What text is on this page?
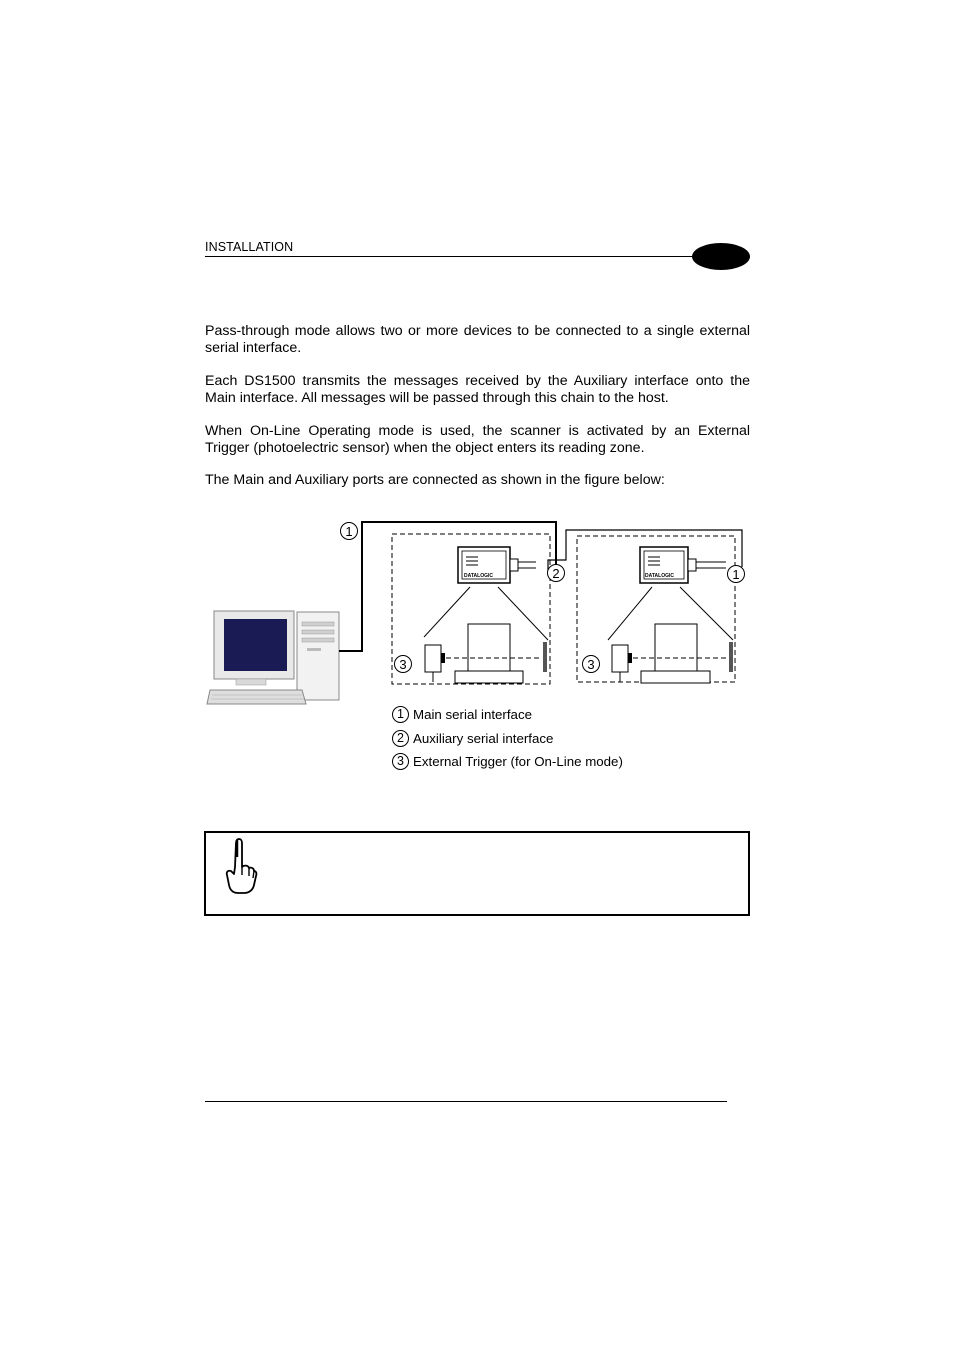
INSTALLATION

Pass-through mode allows two or more devices to be connected to a single external serial interface.

Each DS1500 transmits the messages received by the Auxiliary interface onto the Main interface. All messages will be passed through this chain to the host.

When On-Line Operating mode is used, the scanner is activated by an External Trigger (photoelectric sensor) when the object enters its reading zone.

The Main and Auxiliary ports are connected as shown in the figure below:

DATALOGIC	DATALOGIC
1
2	1
3	3
1 Main serial interface
2 Auxiliary serial interface
3 External Trigger (for On-Line mode)
